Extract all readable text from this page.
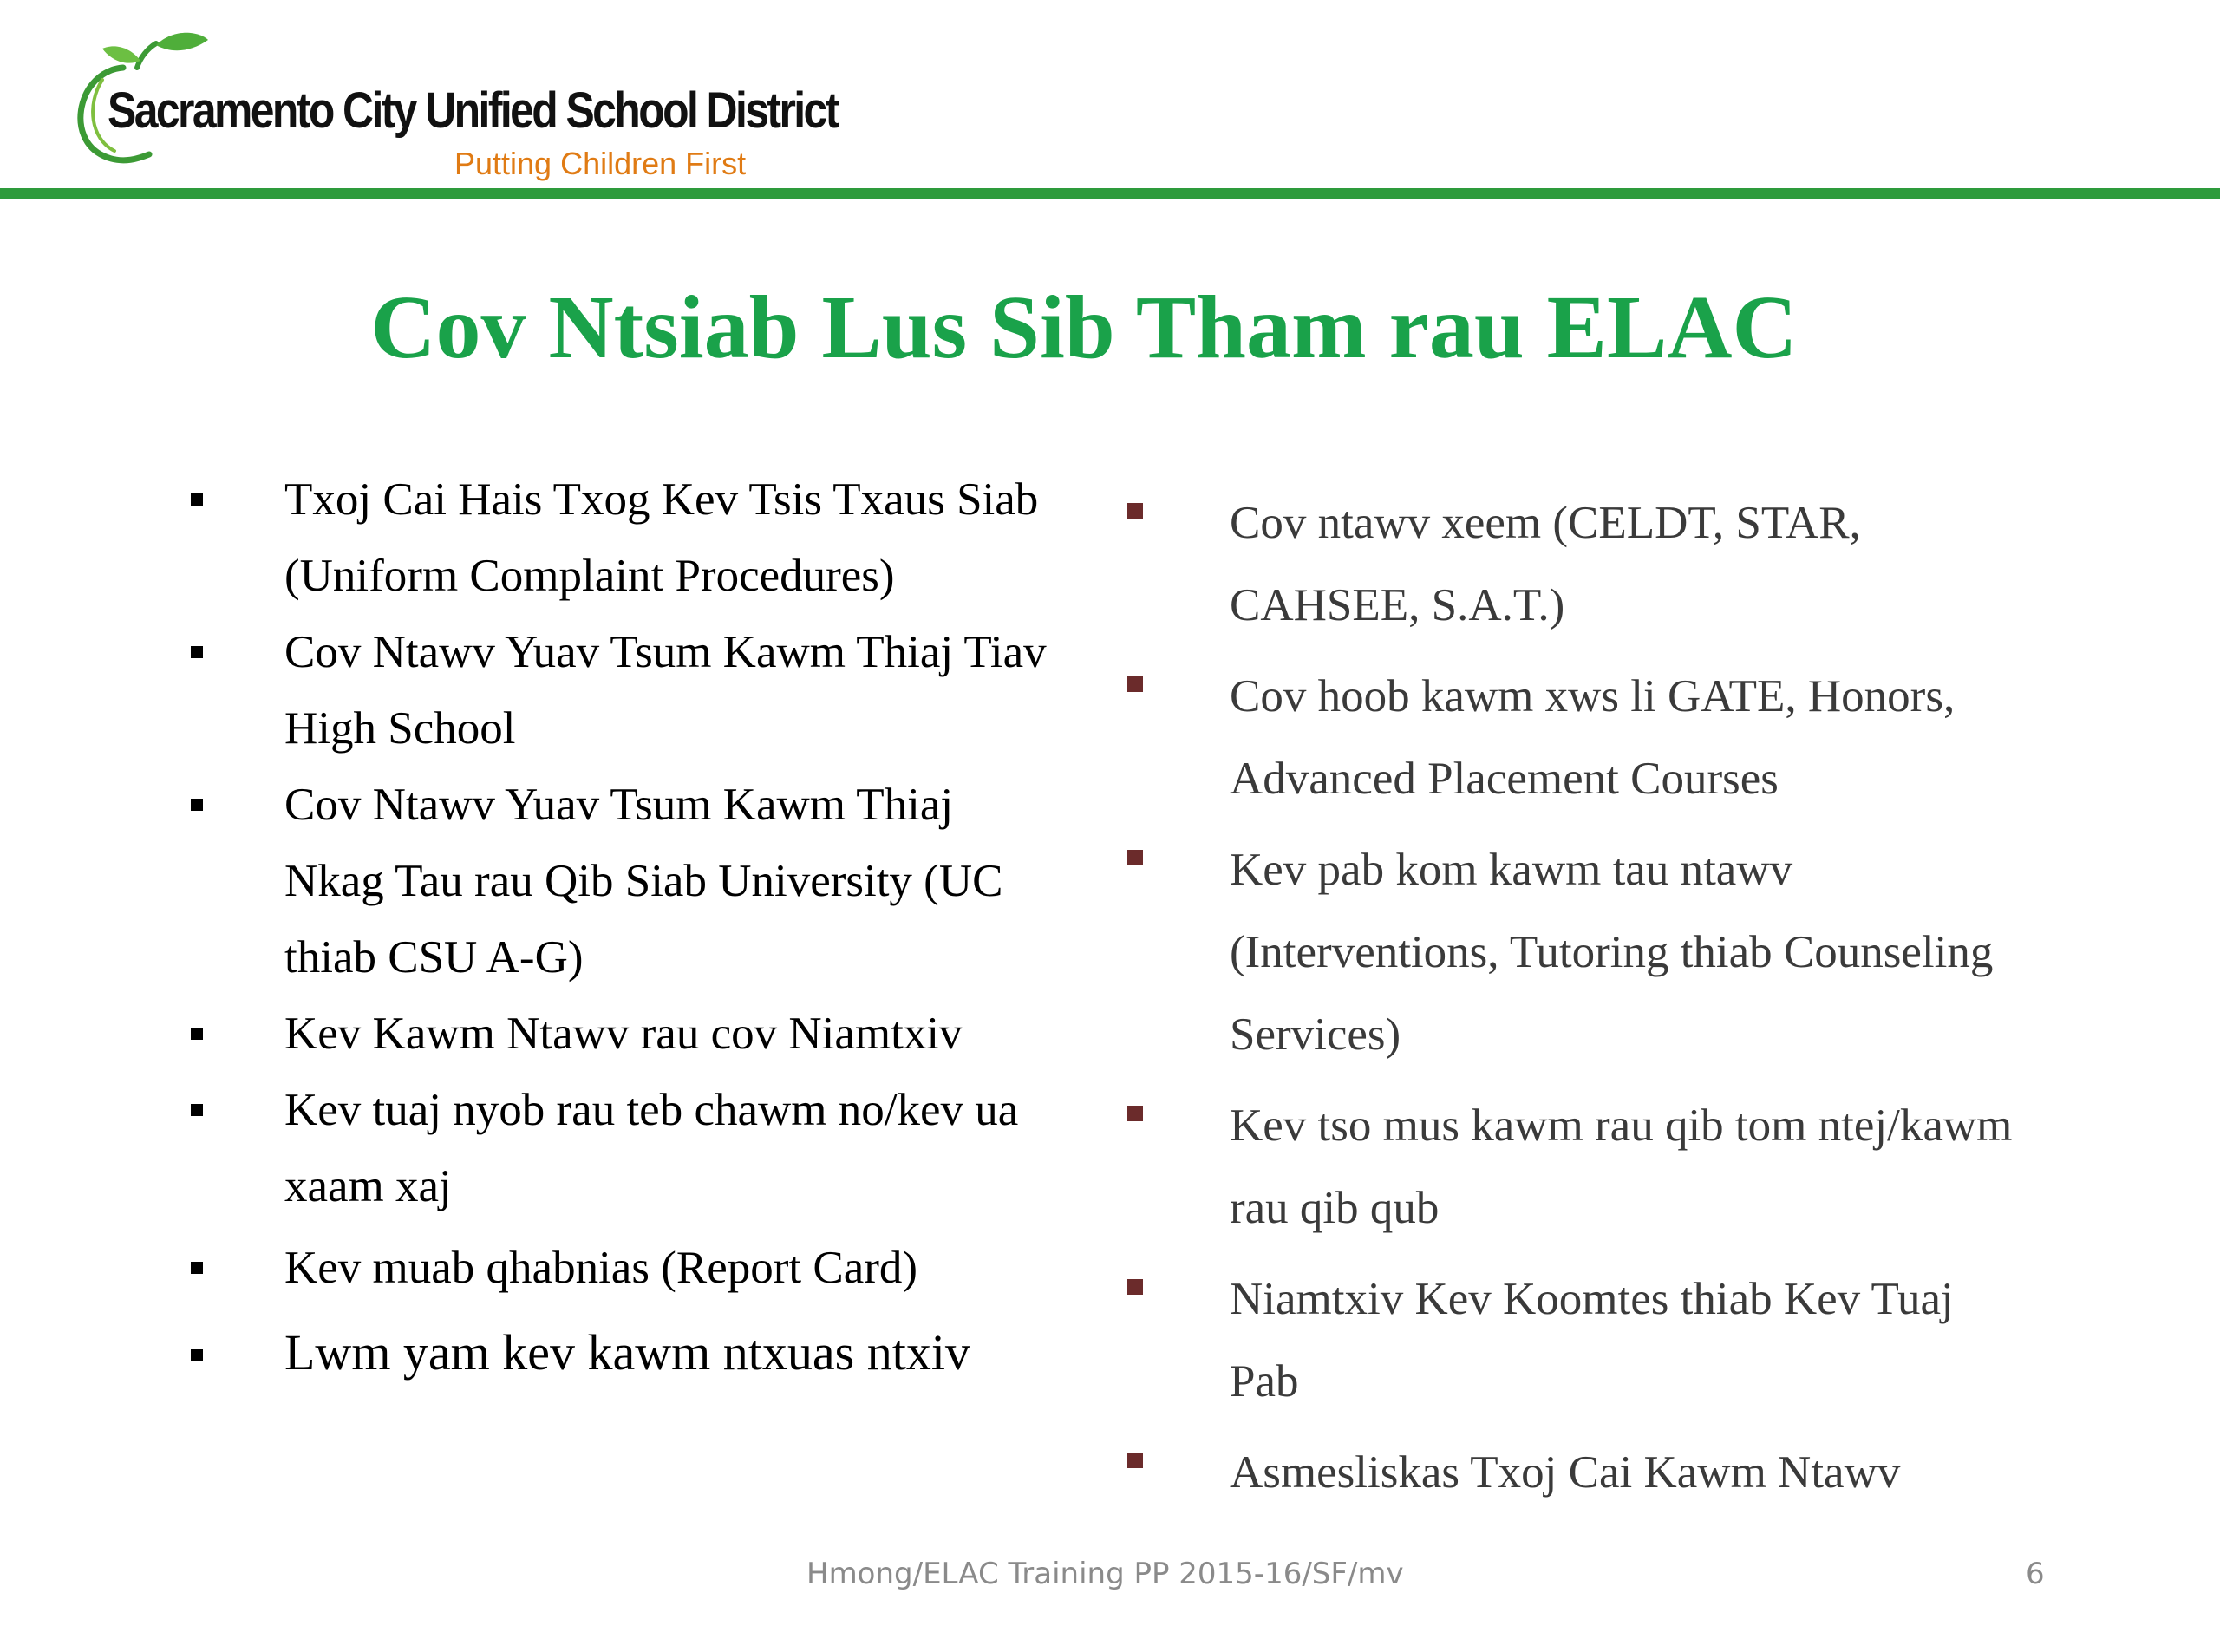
Sacramento City Unified School District
Putting Children First
Cov Ntsiab Lus Sib Tham rau ELAC
Txoj Cai Hais Txog Kev Tsis Txaus Siab (Uniform Complaint Procedures)
Cov Ntawv Yuav Tsum Kawm Thiaj Tiav High School
Cov Ntawv Yuav Tsum Kawm Thiaj Nkag Tau rau Qib Siab University (UC thiab CSU A-G)
Kev Kawm Ntawv rau cov Niamtxiv
Kev tuaj nyob rau teb chawm no/kev ua xaam xaj
Kev muab qhabnias (Report Card)
Lwm yam kev kawm ntxuas ntxiv
Cov ntawv xeem (CELDT, STAR, CAHSEE, S.A.T.)
Cov hoob kawm xws li GATE, Honors, Advanced Placement Courses
Kev pab kom kawm tau ntawv (Interventions, Tutoring thiab Counseling Services)
Kev tso mus kawm rau qib tom ntej/kawm rau qib qub
Niamtxiv Kev Koomtes thiab Kev Tuaj Pab
Asmesliskas Txoj Cai Kawm Ntawv
Hmong/ELAC Training PP 2015-16/SF/mv	6
